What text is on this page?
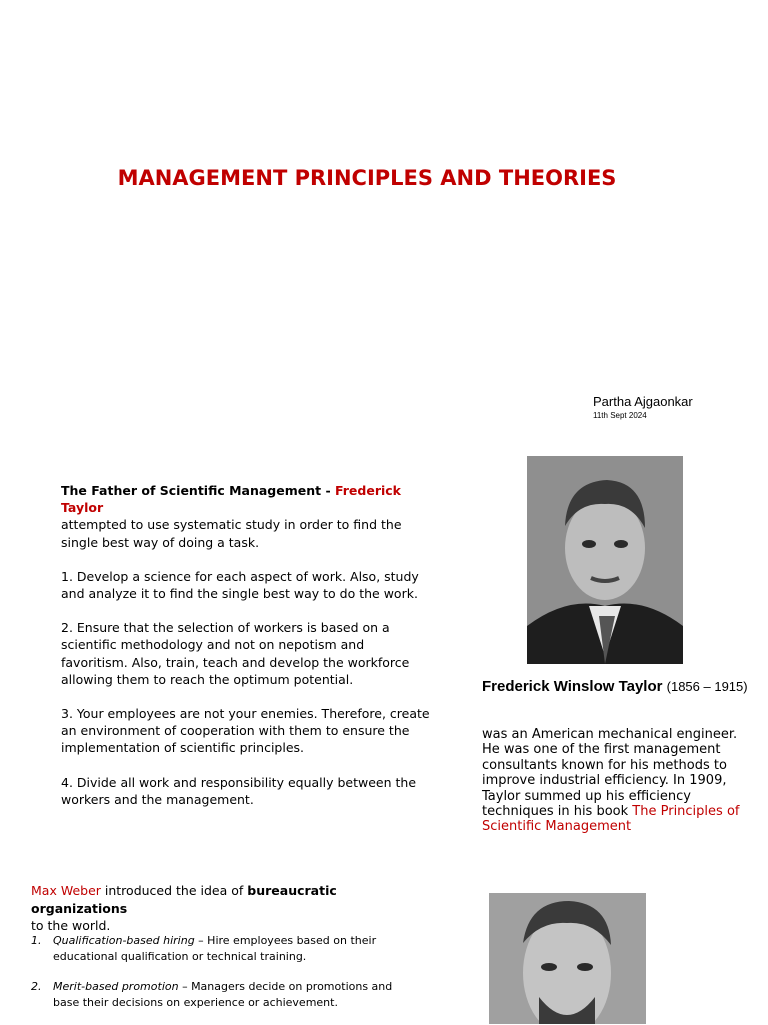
MANAGEMENT PRINCIPLES AND THEORIES
Partha Ajgaonkar
11th Sept 2024

The Father of Scientific Management - Frederick Taylor
attempted to use systematic study in order to find the single best way of doing a task.

1. Develop a science for each aspect of work. Also, study and analyze it to find the single best way to do the work.

2. Ensure that the selection of workers is based on a scientific methodology and not on nepotism and favoritism. Also, train, teach and develop the workforce allowing them to reach the optimum potential.

3. Your employees are not your enemies. Therefore, create an environment of cooperation with them to ensure the implementation of scientific principles.

4. Divide all work and responsibility equally between the workers and the management.

Frederick Winslow Taylor (1856 – 1915)
was an American mechanical engineer. He was one of the first management consultants known for his methods to improve industrial efficiency. In 1909, Taylor summed up his efficiency techniques in his book The Principles of Scientific Management
Max Weber introduced the idea of bureaucratic organizations
to the world.
1. Qualification-based hiring – Hire employees based on their educational qualification or technical training.
2. Merit-based promotion – Managers decide on promotions and base their decisions on experience or achievement.
